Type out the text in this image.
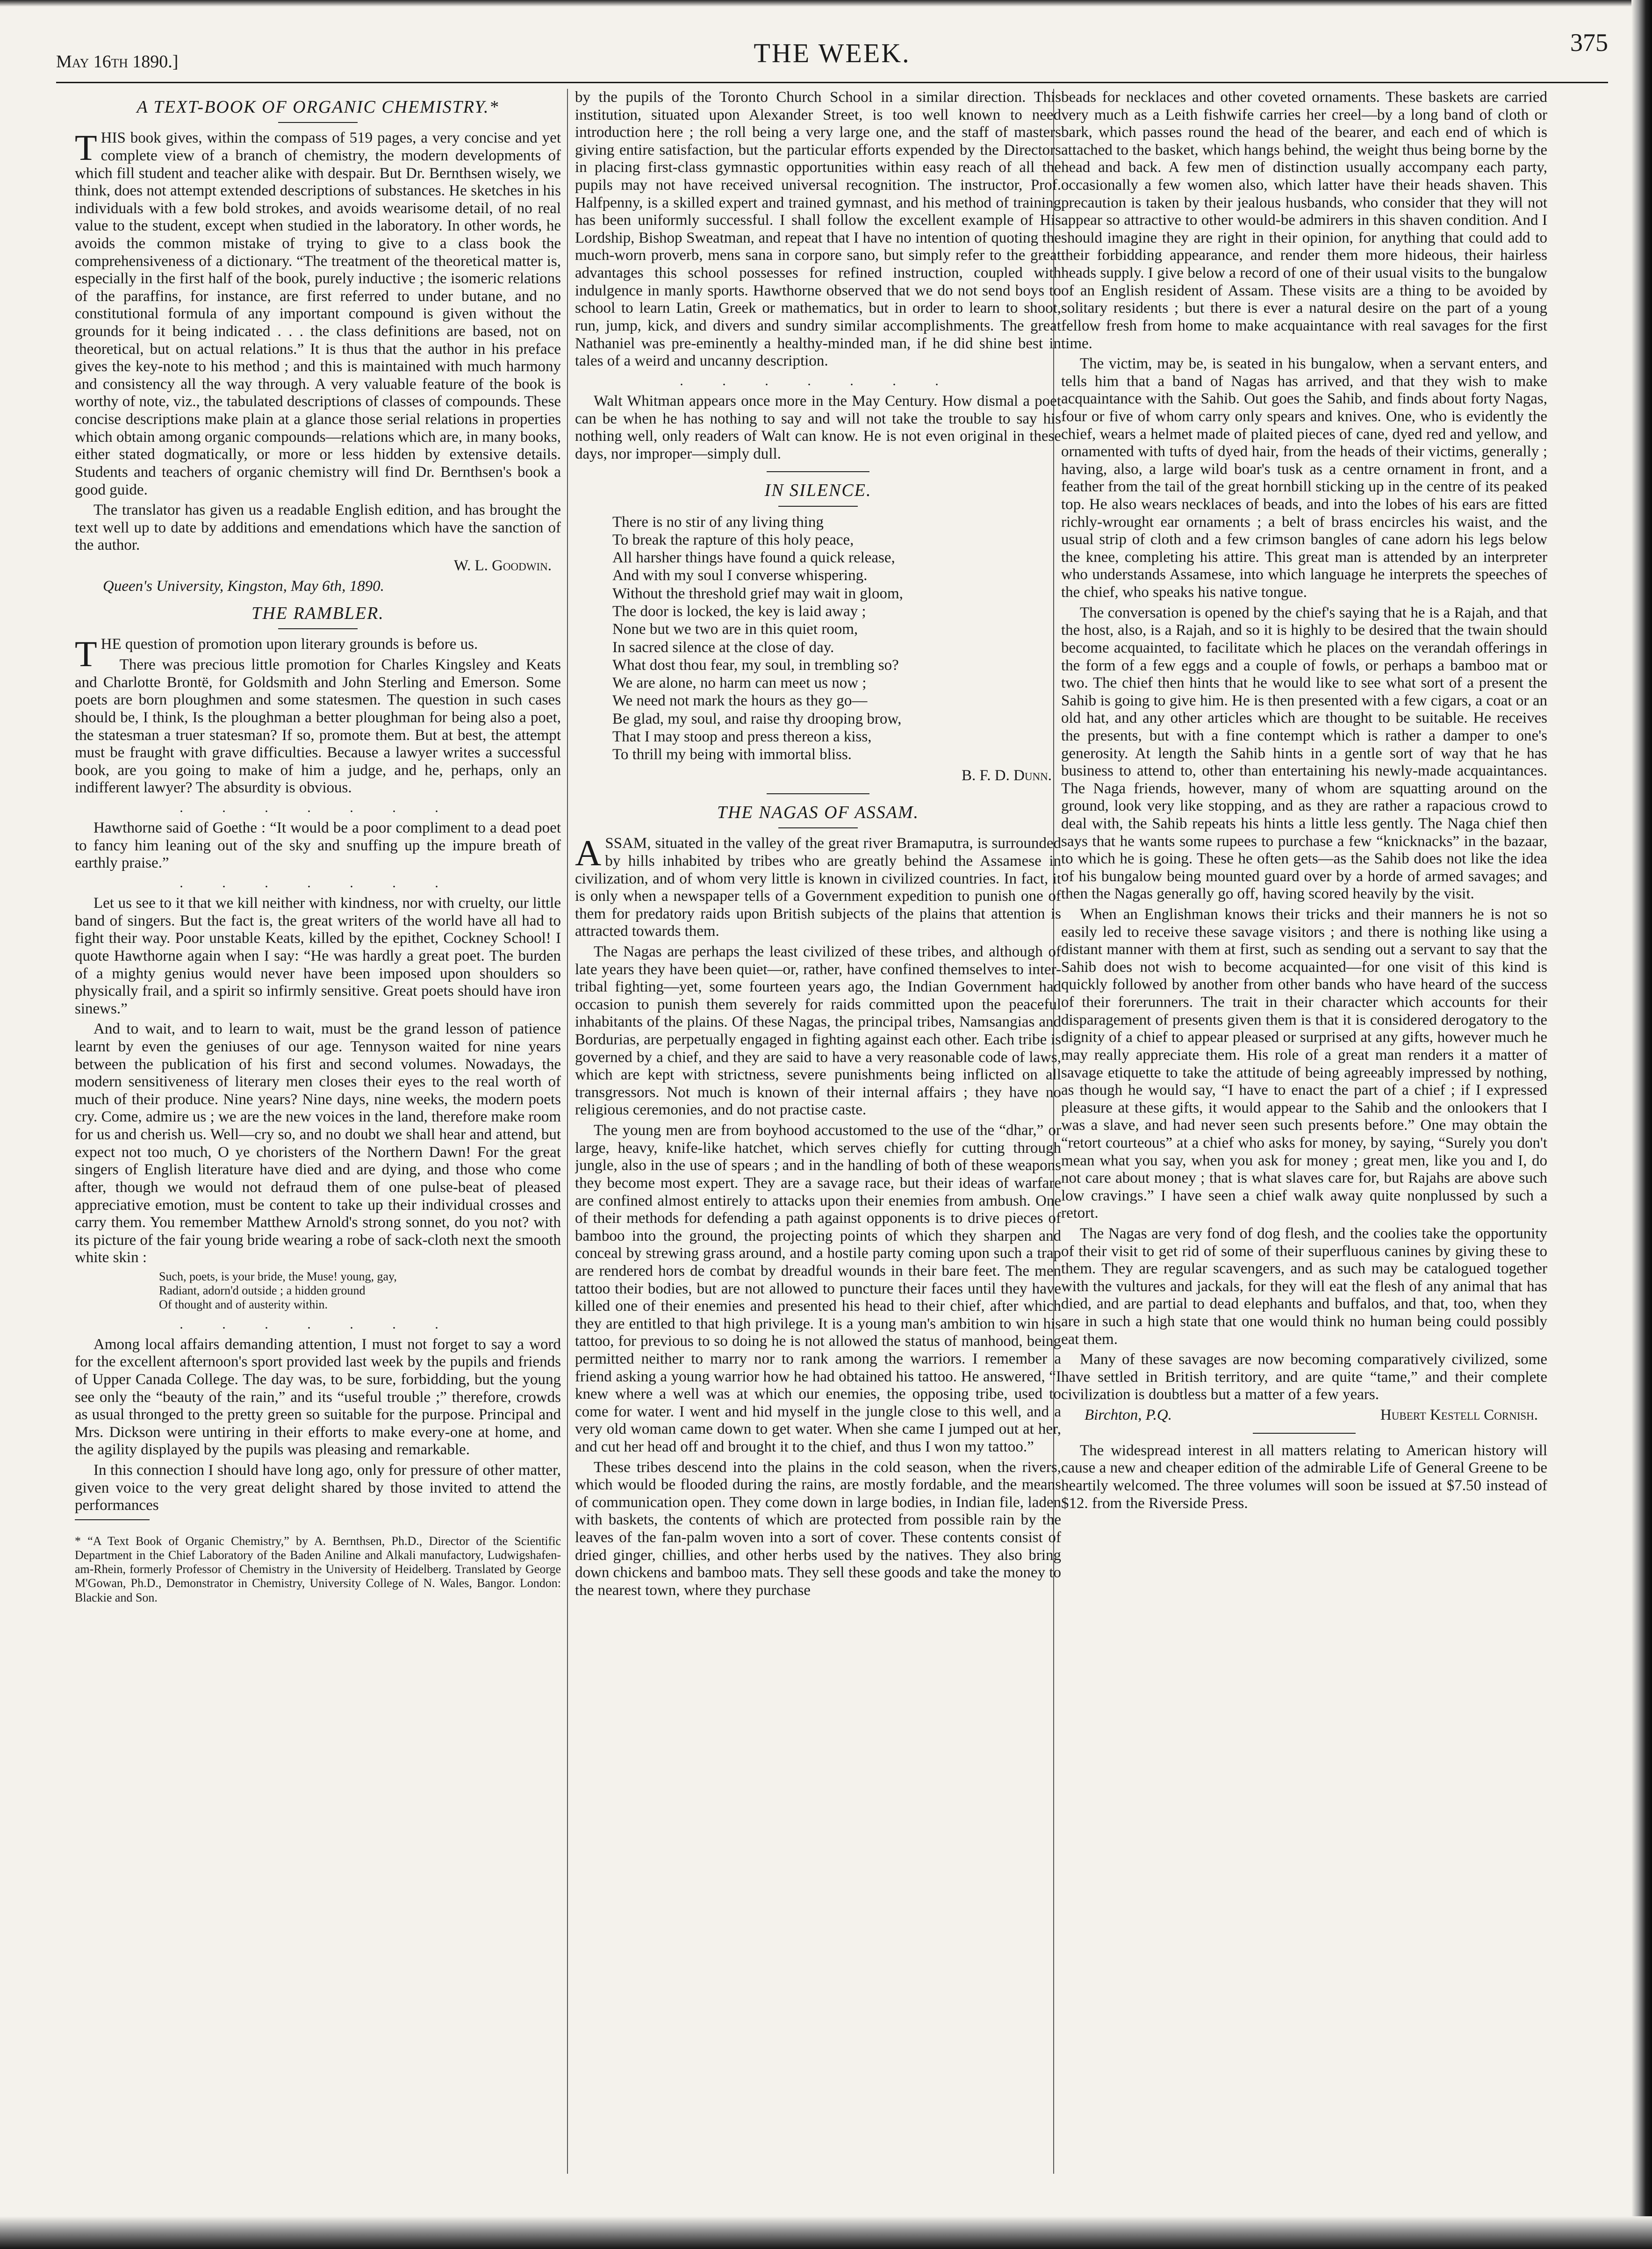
May 16th 1890.]	THE WEEK.	375
A TEXT-BOOK OF ORGANIC CHEMISTRY.*

THIS book gives, within the compass of 519 pages, a very concise and yet complete view of a branch of chemistry, the modern developments of which fill student and teacher alike with despair. But Dr. Bernthsen wisely, we think, does not attempt extended descriptions of substances. He sketches in his individuals with a few bold strokes, and avoids wearisome detail, of no real value to the student, except when studied in the laboratory. In other words, he avoids the common mistake of trying to give to a class book the comprehensiveness of a dictionary. “The treatment of the theoretical matter is, especially in the first half of the book, purely inductive ; the isomeric relations of the paraffins, for instance, are first referred to under butane, and no constitutional formula of any important compound is given without the grounds for it being indicated . . . the class definitions are based, not on theoretical, but on actual relations.” It is thus that the author in his preface gives the key-note to his method ; and this is maintained with much harmony and consistency all the way through. A very valuable feature of the book is worthy of note, viz., the tabulated descriptions of classes of compounds. These concise descriptions make plain at a glance those serial relations in properties which obtain among organic compounds—relations which are, in many books, either stated dogmatically, or more or less hidden by extensive details. Students and teachers of organic chemistry will find Dr. Bernthsen's book a good guide.

The translator has given us a readable English edition, and has brought the text well up to date by additions and emendations which have the sanction of the author.

W. L. Goodwin.
Queen's University, Kingston, May 6th, 1890.
THE RAMBLER.

THE question of promotion upon literary grounds is before us.

There was precious little promotion for Charles Kingsley and Keats and Charlotte Brontë, for Goldsmith and John Sterling and Emerson. Some poets are born ploughmen and some statesmen. The question in such cases should be, I think, Is the ploughman a better ploughman for being also a poet, the statesman a truer statesman? If so, promote them. But at best, the attempt must be fraught with grave difficulties. Because a lawyer writes a successful book, are you going to make of him a judge, and he, perhaps, only an indifferent lawyer? The absurdity is obvious.

. . . . . . .

Hawthorne said of Goethe : “It would be a poor compliment to a dead poet to fancy him leaning out of the sky and snuffing up the impure breath of earthly praise.”

. . . . . . .

Let us see to it that we kill neither with kindness, nor with cruelty, our little band of singers. But the fact is, the great writers of the world have all had to fight their way. Poor unstable Keats, killed by the epithet, Cockney School! I quote Hawthorne again when I say: “He was hardly a great poet. The burden of a mighty genius would never have been imposed upon shoulders so physically frail, and a spirit so infirmly sensitive. Great poets should have iron sinews.”

And to wait, and to learn to wait, must be the grand lesson of patience learnt by even the geniuses of our age. Tennyson waited for nine years between the publication of his first and second volumes. Nowadays, the modern sensitiveness of literary men closes their eyes to the real worth of much of their produce. Nine years? Nine days, nine weeks, the modern poets cry. Come, admire us ; we are the new voices in the land, therefore make room for us and cherish us. Well—cry so, and no doubt we shall hear and attend, but expect not too much, O ye choristers of the Northern Dawn! For the great singers of English literature have died and are dying, and those who come after, though we would not defraud them of one pulse-beat of pleased appreciative emotion, must be content to take up their individual crosses and carry them. You remember Matthew Arnold's strong sonnet, do you not? with its picture of the fair young bride wearing a robe of sack-cloth next the smooth white skin :

Such, poets, is your bride, the Muse! young, gay,
Radiant, adorn'd outside ; a hidden ground
Of thought and of austerity within.
. . . . . . .

Among local affairs demanding attention, I must not forget to say a word for the excellent afternoon's sport provided last week by the pupils and friends of Upper Canada College. The day was, to be sure, forbidding, but the young see only the “beauty of the rain,” and its “useful trouble ;” therefore, crowds as usual thronged to the pretty green so suitable for the purpose. Principal and Mrs. Dickson were untiring in their efforts to make every-one at home, and the agility displayed by the pupils was pleasing and remarkable.

In this connection I should have long ago, only for pressure of other matter, given voice to the very great delight shared by those invited to attend the performances

* “A Text Book of Organic Chemistry,” by A. Bernthsen, Ph.D., Director of the Scientific Department in the Chief Laboratory of the Baden Aniline and Alkali manufactory, Ludwigshafen-am-Rhein, formerly Professor of Chemistry in the University of Heidelberg. Translated by George M'Gowan, Ph.D., Demonstrator in Chemistry, University College of N. Wales, Bangor. London: Blackie and Son.

by the pupils of the Toronto Church School in a similar direction. This institution, situated upon Alexander Street, is too well known to need introduction here ; the roll being a very large one, and the staff of masters giving entire satisfaction, but the particular efforts expended by the Directors in placing first-class gymnastic opportunities within easy reach of all the pupils may not have received universal recognition. The instructor, Prof. Halfpenny, is a skilled expert and trained gymnast, and his method of training has been uniformly successful. I shall follow the excellent example of His Lordship, Bishop Sweatman, and repeat that I have no intention of quoting the much-worn proverb, mens sana in corpore sano, but simply refer to the great advantages this school possesses for refined instruction, coupled with indulgence in manly sports. Hawthorne observed that we do not send boys to school to learn Latin, Greek or mathematics, but in order to learn to shoot, run, jump, kick, and divers and sundry similar accomplishments. The great Nathaniel was pre-eminently a healthy-minded man, if he did shine best in tales of a weird and uncanny description.

. . . . . . .

Walt Whitman appears once more in the May Century. How dismal a poet can be when he has nothing to say and will not take the trouble to say his nothing well, only readers of Walt can know. He is not even original in these days, nor improper—simply dull.

IN SILENCE.
There is no stir of any living thing
To break the rapture of this holy peace,
All harsher things have found a quick release,
And with my soul I converse whispering.
Without the threshold grief may wait in gloom,
The door is locked, the key is laid away ;
None but we two are in this quiet room,
In sacred silence at the close of day.
What dost thou fear, my soul, in trembling so?
We are alone, no harm can meet us now ;
We need not mark the hours as they go—
Be glad, my soul, and raise thy drooping brow,
That I may stoop and press thereon a kiss,
To thrill my being with immortal bliss.
B. F. D. Dunn.
THE NAGAS OF ASSAM.

ASSAM, situated in the valley of the great river Bramaputra, is surrounded by hills inhabited by tribes who are greatly behind the Assamese in civilization, and of whom very little is known in civilized countries. In fact, it is only when a newspaper tells of a Government expedition to punish one of them for predatory raids upon British subjects of the plains that attention is attracted towards them.

The Nagas are perhaps the least civilized of these tribes, and although of late years they have been quiet—or, rather, have confined themselves to inter-tribal fighting—yet, some fourteen years ago, the Indian Government had occasion to punish them severely for raids committed upon the peaceful inhabitants of the plains. Of these Nagas, the principal tribes, Namsangias and Bordurias, are perpetually engaged in fighting against each other. Each tribe is governed by a chief, and they are said to have a very reasonable code of laws, which are kept with strictness, severe punishments being inflicted on all transgressors. Not much is known of their internal affairs ; they have no religious ceremonies, and do not practise caste.

The young men are from boyhood accustomed to the use of the “dhar,” or large, heavy, knife-like hatchet, which serves chiefly for cutting through jungle, also in the use of spears ; and in the handling of both of these weapons they become most expert. They are a savage race, but their ideas of warfare are confined almost entirely to attacks upon their enemies from ambush. One of their methods for defending a path against opponents is to drive pieces of bamboo into the ground, the projecting points of which they sharpen and conceal by strewing grass around, and a hostile party coming upon such a trap are rendered hors de combat by dreadful wounds in their bare feet. The men tattoo their bodies, but are not allowed to puncture their faces until they have killed one of their enemies and presented his head to their chief, after which they are entitled to that high privilege. It is a young man's ambition to win his tattoo, for previous to so doing he is not allowed the status of manhood, being permitted neither to marry nor to rank among the warriors. I remember a friend asking a young warrior how he had obtained his tattoo. He answered, “I knew where a well was at which our enemies, the opposing tribe, used to come for water. I went and hid myself in the jungle close to this well, and a very old woman came down to get water. When she came I jumped out at her, and cut her head off and brought it to the chief, and thus I won my tattoo.”

These tribes descend into the plains in the cold season, when the rivers, which would be flooded during the rains, are mostly fordable, and the means of communication open. They come down in large bodies, in Indian file, laden with baskets, the contents of which are protected from possible rain by the leaves of the fan-palm woven into a sort of cover. These contents consist of dried ginger, chillies, and other herbs used by the natives. They also bring down chickens and bamboo mats. They sell these goods and take the money to the nearest town, where they purchase

beads for necklaces and other coveted ornaments. These baskets are carried very much as a Leith fishwife carries her creel—by a long band of cloth or bark, which passes round the head of the bearer, and each end of which is attached to the basket, which hangs behind, the weight thus being borne by the head and back. A few men of distinction usually accompany each party, occasionally a few women also, which latter have their heads shaven. This precaution is taken by their jealous husbands, who consider that they will not appear so attractive to other would-be admirers in this shaven condition. And I should imagine they are right in their opinion, for anything that could add to their forbidding appearance, and render them more hideous, their hairless heads supply. I give below a record of one of their usual visits to the bungalow of an English resident of Assam. These visits are a thing to be avoided by solitary residents ; but there is ever a natural desire on the part of a young fellow fresh from home to make acquaintance with real savages for the first time.

The victim, may be, is seated in his bungalow, when a servant enters, and tells him that a band of Nagas has arrived, and that they wish to make acquaintance with the Sahib. Out goes the Sahib, and finds about forty Nagas, four or five of whom carry only spears and knives. One, who is evidently the chief, wears a helmet made of plaited pieces of cane, dyed red and yellow, and ornamented with tufts of dyed hair, from the heads of their victims, generally ; having, also, a large wild boar's tusk as a centre ornament in front, and a feather from the tail of the great hornbill sticking up in the centre of its peaked top. He also wears necklaces of beads, and into the lobes of his ears are fitted richly-wrought ear ornaments ; a belt of brass encircles his waist, and the usual strip of cloth and a few crimson bangles of cane adorn his legs below the knee, completing his attire. This great man is attended by an interpreter who understands Assamese, into which language he interprets the speeches of the chief, who speaks his native tongue.

The conversation is opened by the chief's saying that he is a Rajah, and that the host, also, is a Rajah, and so it is highly to be desired that the twain should become acquainted, to facilitate which he places on the verandah offerings in the form of a few eggs and a couple of fowls, or perhaps a bamboo mat or two. The chief then hints that he would like to see what sort of a present the Sahib is going to give him. He is then presented with a few cigars, a coat or an old hat, and any other articles which are thought to be suitable. He receives the presents, but with a fine contempt which is rather a damper to one's generosity. At length the Sahib hints in a gentle sort of way that he has business to attend to, other than entertaining his newly-made acquaintances. The Naga friends, however, many of whom are squatting around on the ground, look very like stopping, and as they are rather a rapacious crowd to deal with, the Sahib repeats his hints a little less gently. The Naga chief then says that he wants some rupees to purchase a few “knicknacks” in the bazaar, to which he is going. These he often gets—as the Sahib does not like the idea of his bungalow being mounted guard over by a horde of armed savages; and then the Nagas generally go off, having scored heavily by the visit.

When an Englishman knows their tricks and their manners he is not so easily led to receive these savage visitors ; and there is nothing like using a distant manner with them at first, such as sending out a servant to say that the Sahib does not wish to become acquainted—for one visit of this kind is quickly followed by another from other bands who have heard of the success of their forerunners. The trait in their character which accounts for their disparagement of presents given them is that it is considered derogatory to the dignity of a chief to appear pleased or surprised at any gifts, however much he may really appreciate them. His role of a great man renders it a matter of savage etiquette to take the attitude of being agreeably impressed by nothing, as though he would say, “I have to enact the part of a chief ; if I expressed pleasure at these gifts, it would appear to the Sahib and the onlookers that I was a slave, and had never seen such presents before.” One may obtain the “retort courteous” at a chief who asks for money, by saying, “Surely you don't mean what you say, when you ask for money ; great men, like you and I, do not care about money ; that is what slaves care for, but Rajahs are above such low cravings.” I have seen a chief walk away quite nonplussed by such a retort.

The Nagas are very fond of dog flesh, and the coolies take the opportunity of their visit to get rid of some of their superfluous canines by giving these to them. They are regular scavengers, and as such may be catalogued together with the vultures and jackals, for they will eat the flesh of any animal that has died, and are partial to dead elephants and buffalos, and that, too, when they are in such a high state that one would think no human being could possibly eat them.

Many of these savages are now becoming comparatively civilized, some have settled in British territory, and are quite “tame,” and their complete civilization is doubtless but a matter of a few years.

Birchton, P.Q.	Hubert Kestell Cornish.

The widespread interest in all matters relating to American history will cause a new and cheaper edition of the admirable Life of General Greene to be heartily welcomed. The three volumes will soon be issued at $7.50 instead of $12. from the Riverside Press.
